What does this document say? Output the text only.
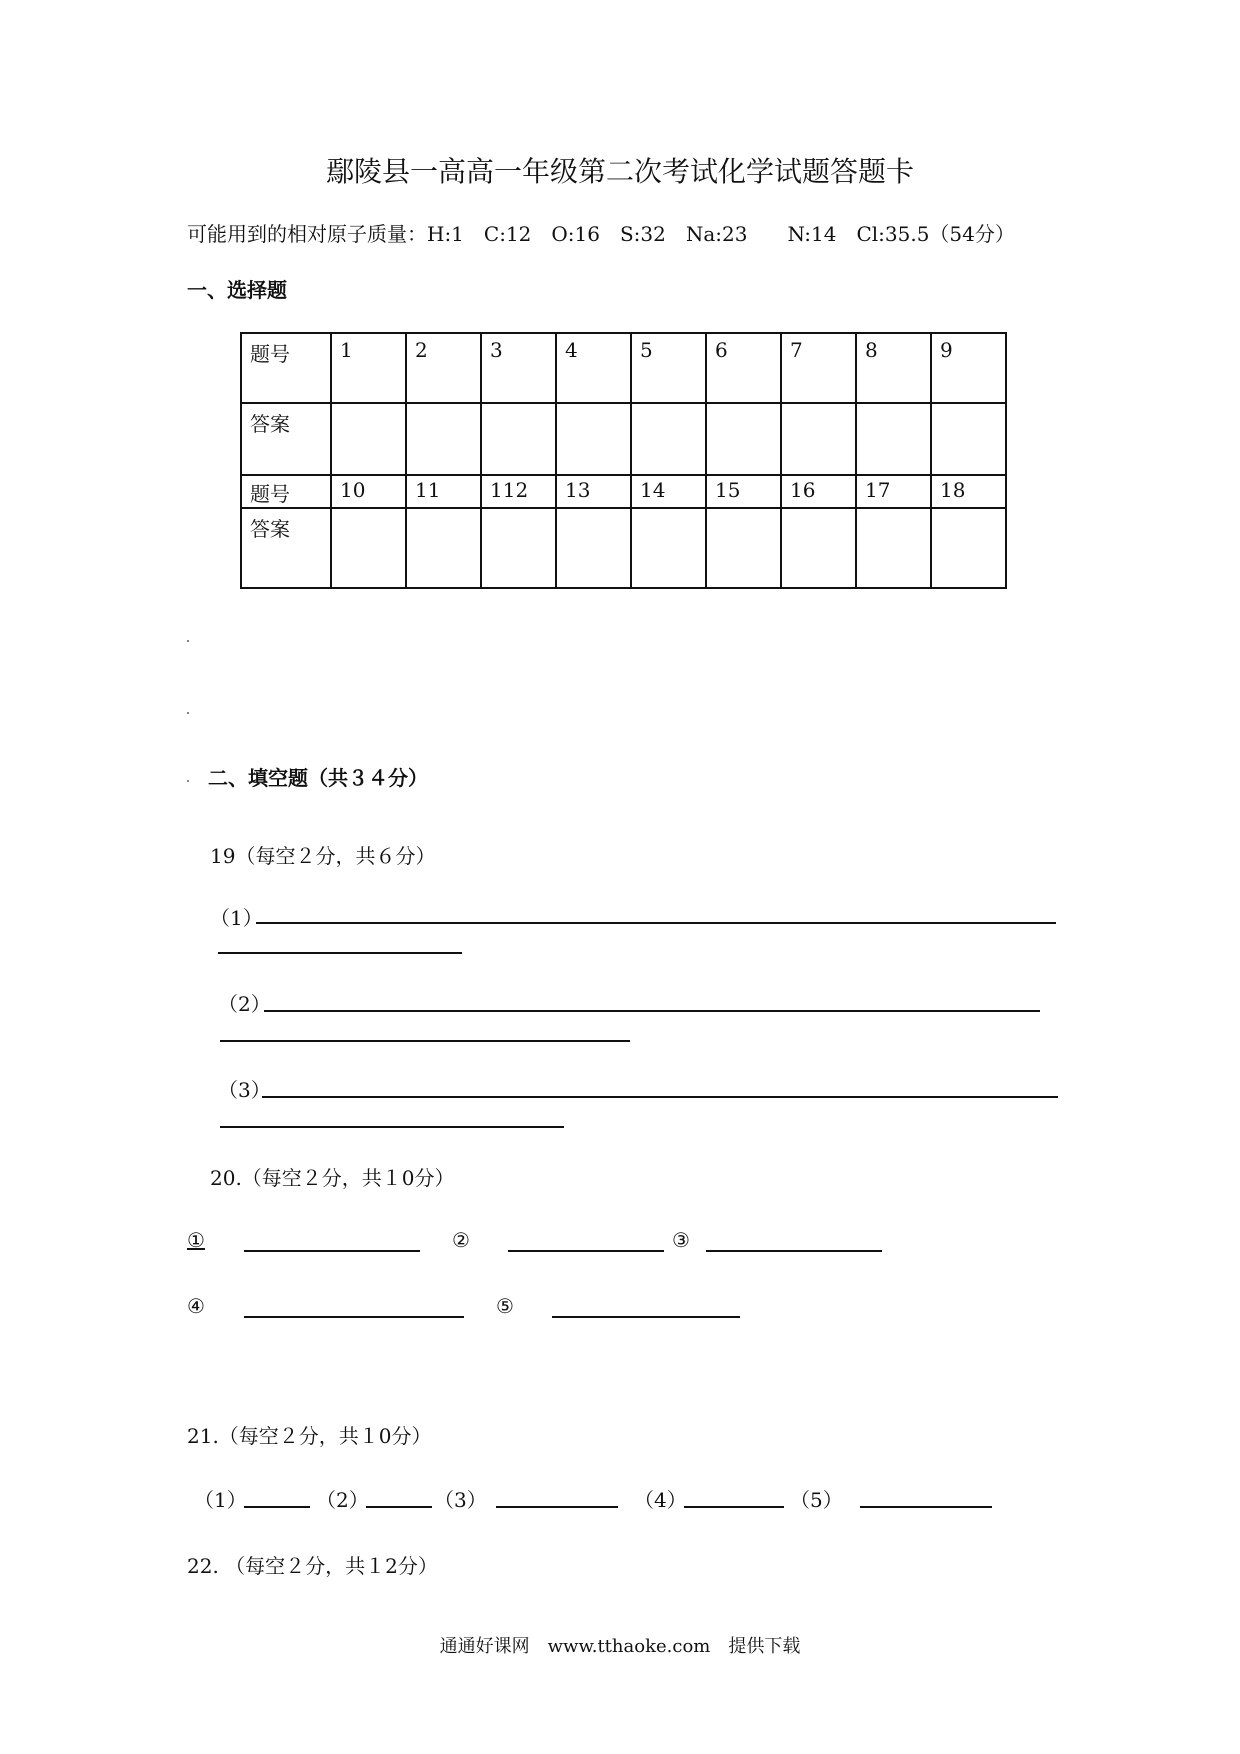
鄢陵县一高高一年级第二次考试化学试题答题卡
可能用到的相对原子质量：H:1　C:12　O:16　S:32　Na:23　　N:14　Cl:35.5（54分）
一、选择题
题号	1	2	3	4	5	6	7	8	9
答案									
题号	10	11	112	13	14	15	16	17	18
答案									
二、填空题（共３４分）
19（每空２分，共６分）
（1）
（2）
（3）
20.（每空２分，共１0分）
①	②	③
④	⑤
21.（每空２分，共１0分）
（1）	（2）	（3）	（4）	（5）
22. （每空２分，共１2分）
通通好课网　www.tthaoke.com　提供下载
